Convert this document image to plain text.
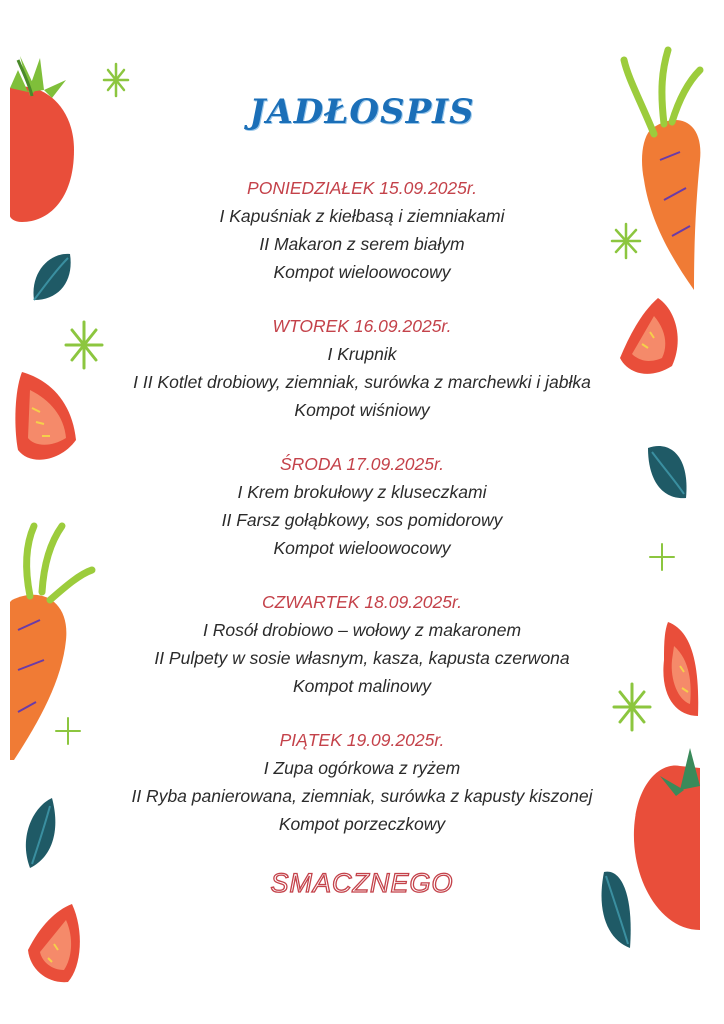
JADŁOSPIS
PONIEDZIAŁEK 15.09.2025r.
I Kapuśniak z kiełbasą i ziemniakami
II Makaron z serem białym
Kompot wieloowocowy
WTOREK 16.09.2025r.
I Krupnik
I II Kotlet drobiowy, ziemniak, surówka z marchewki i jabłka
Kompot wiśniowy
ŚRODA 17.09.2025r.
I Krem brokułowy z kluseczkami
II Farsz gołąbkowy, sos pomidorowy
Kompot wieloowocowy
CZWARTEK 18.09.2025r.
I Rosół drobiowo – wołowy z makaronem
II Pulpety w sosie własnym, kasza, kapusta czerwona
Kompot malinowy
PIĄTEK 19.09.2025r.
I Zupa ogórkowa z ryżem
II Ryba panierowana, ziemniak, surówka z kapusty kiszonej
Kompot porzeczkowy
SMACZNEGO
